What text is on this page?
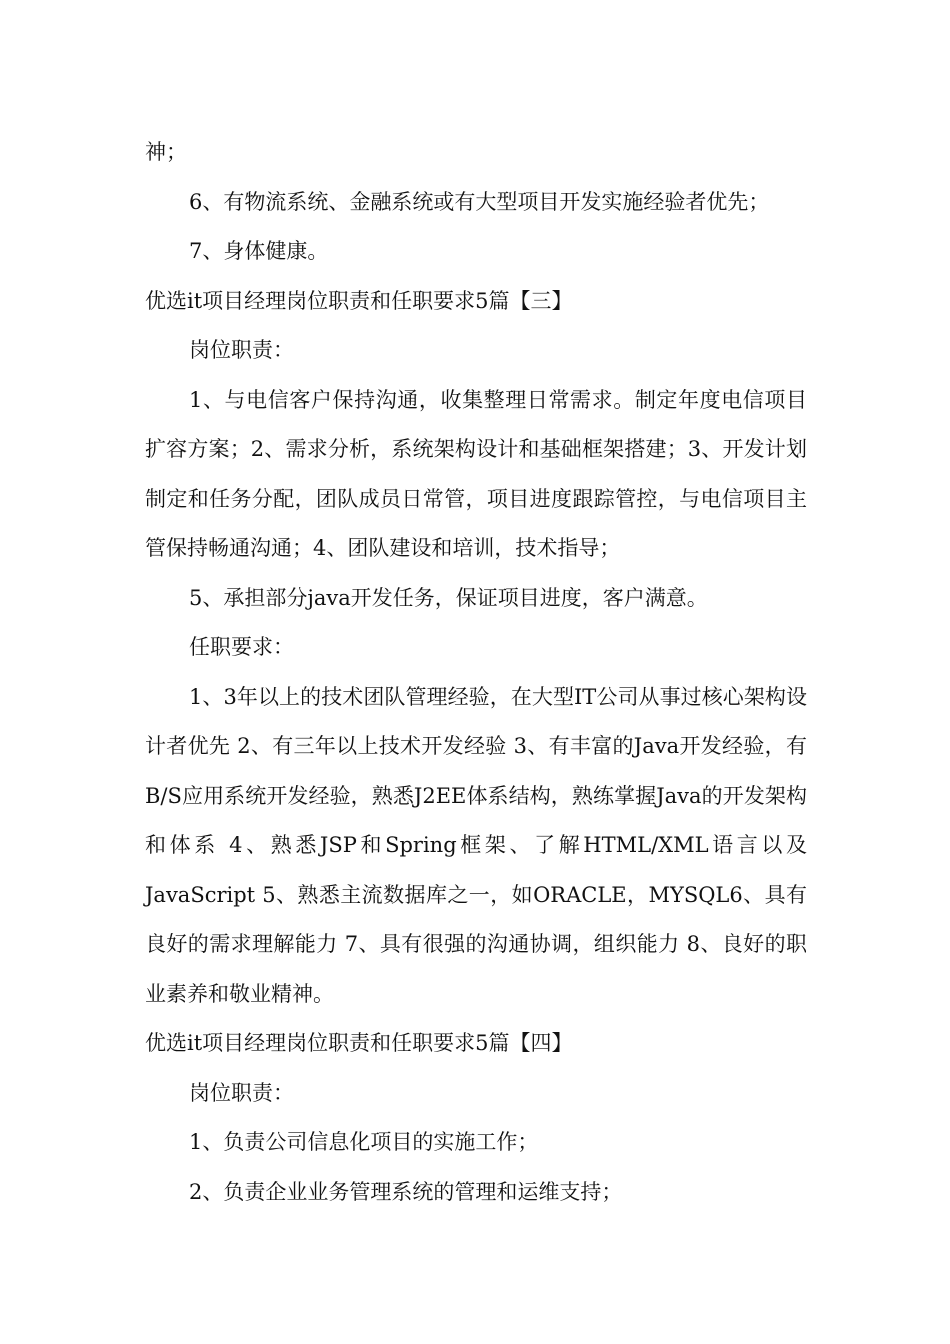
神；

6、有物流系统、金融系统或有大型项目开发实施经验者优先；

7、身体健康。

优选it项目经理岗位职责和任职要求5篇【三】

岗位职责：

1、与电信客户保持沟通，收集整理日常需求。制定年度电信项目扩容方案；2、需求分析，系统架构设计和基础框架搭建；3、开发计划制定和任务分配，团队成员日常管，项目进度跟踪管控，与电信项目主管保持畅通沟通；4、团队建设和培训，技术指导；

5、承担部分java开发任务，保证项目进度，客户满意。

任职要求：

1、3年以上的技术团队管理经验，在大型IT公司从事过核心架构设计者优先 2、有三年以上技术开发经验 3、有丰富的Java开发经验，有B/S应用系统开发经验，熟悉J2EE体系结构，熟练掌握Java的开发架构和体系 4、熟悉JSP和Spring框架、了解HTML/XML语言以及JavaScript 5、熟悉主流数据库之一，如ORACLE，MYSQL6、具有良好的需求理解能力 7、具有很强的沟通协调，组织能力 8、良好的职业素养和敬业精神。

优选it项目经理岗位职责和任职要求5篇【四】

岗位职责：

1、负责公司信息化项目的实施工作；

2、负责企业业务管理系统的管理和运维支持；
